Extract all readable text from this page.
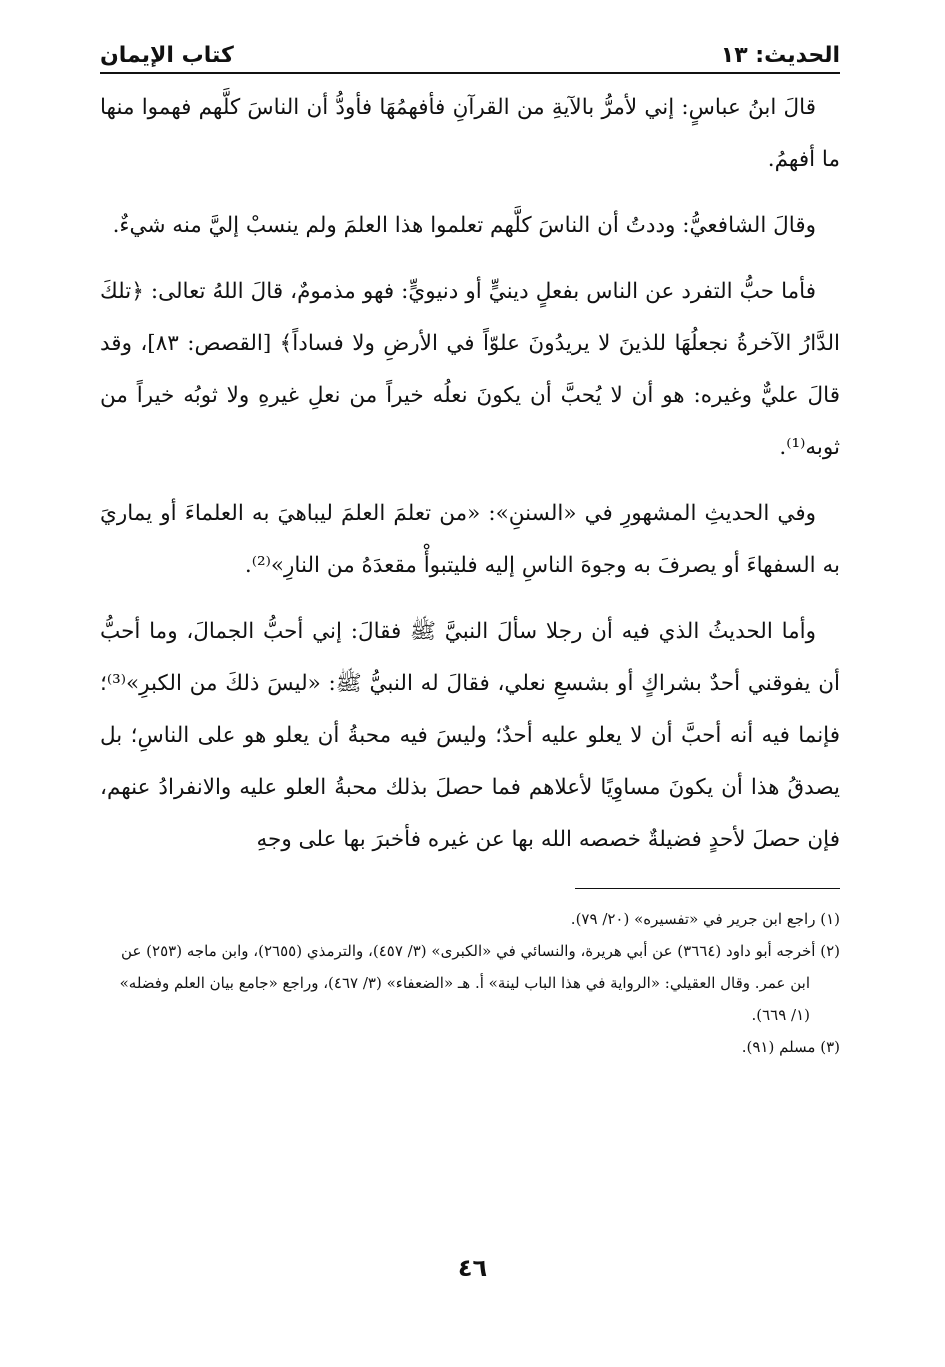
الحديث: ١٣
كتاب الإيمان

قالَ ابنُ عباسٍ: إني لأمرُّ بالآيةِ من القرآنِ فأفهمُهَا فأودُّ أن الناسَ كلَّهم فهموا منها ما أفهمُ.

وقالَ الشافعيُّ: وددتُ أن الناسَ كلَّهم تعلموا هذا العلمَ ولم ينسبْ إليَّ منه شيءٌ.

فأما حبُّ التفرد عن الناس بفعلٍ دينيٍّ أو دنيويٍّ: فهو مذمومٌ، قالَ اللهُ تعالى: ﴿تلكَ الدَّارُ الآخرةُ نجعلُهَا للذينَ لا يريدُونَ علوّاً في الأرضِ ولا فساداً﴾ [القصص: ٨٣]، وقد قالَ عليٌّ وغيره: هو أن لا يُحبَّ أن يكونَ نعلُه خيراً من نعلِ غيرهِ ولا ثوبُه خيراً من ثوبه⁽¹⁾.

وفي الحديثِ المشهورِ في «السننِ»: «من تعلمَ العلمَ ليباهيَ به العلماءَ أو يماريَ به السفهاءَ أو يصرفَ به وجوهَ الناسِ إليه فليتبوأْ مقعدَهُ من النارِ»⁽²⁾.

وأما الحديثُ الذي فيه أن رجلا سألَ النبيَّ ﷺ فقالَ: إني أحبُّ الجمالَ، وما أحبُّ أن يفوقني أحدٌ بشراكٍ أو بشسعِ نعلي، فقالَ له النبيُّ ﷺ: «ليسَ ذلكَ من الكبرِ»⁽³⁾؛ فإنما فيه أنه أحبَّ أن لا يعلو عليه أحدٌ؛ وليسَ فيه محبةُ أن يعلو هو على الناسِ؛ بل يصدقُ هذا أن يكونَ مساوِيًا لأعلاهم فما حصلَ بذلك محبةُ العلو عليه والانفرادُ عنهم، فإن حصلَ لأحدٍ فضيلةٌ خصصه الله بها عن غيره فأخبرَ بها على وجهِ

(١) راجع ابن جرير في «تفسيره» (٢٠/ ٧٩).

(٢) أخرجه أبو داود (٣٦٦٤) عن أبي هريرة، والنسائي في «الكبرى» (٣/ ٤٥٧)، والترمذي (٢٦٥٥)، وابن ماجه (٢٥٣) عن ابن عمر. وقال العقيلي: «الرواية في هذا الباب لينة» أ. هـ «الضعفاء» (٣/ ٤٦٧)، وراجع «جامع بيان العلم وفضله» (١/ ٦٦٩).

(٣) مسلم (٩١).

٤٦
